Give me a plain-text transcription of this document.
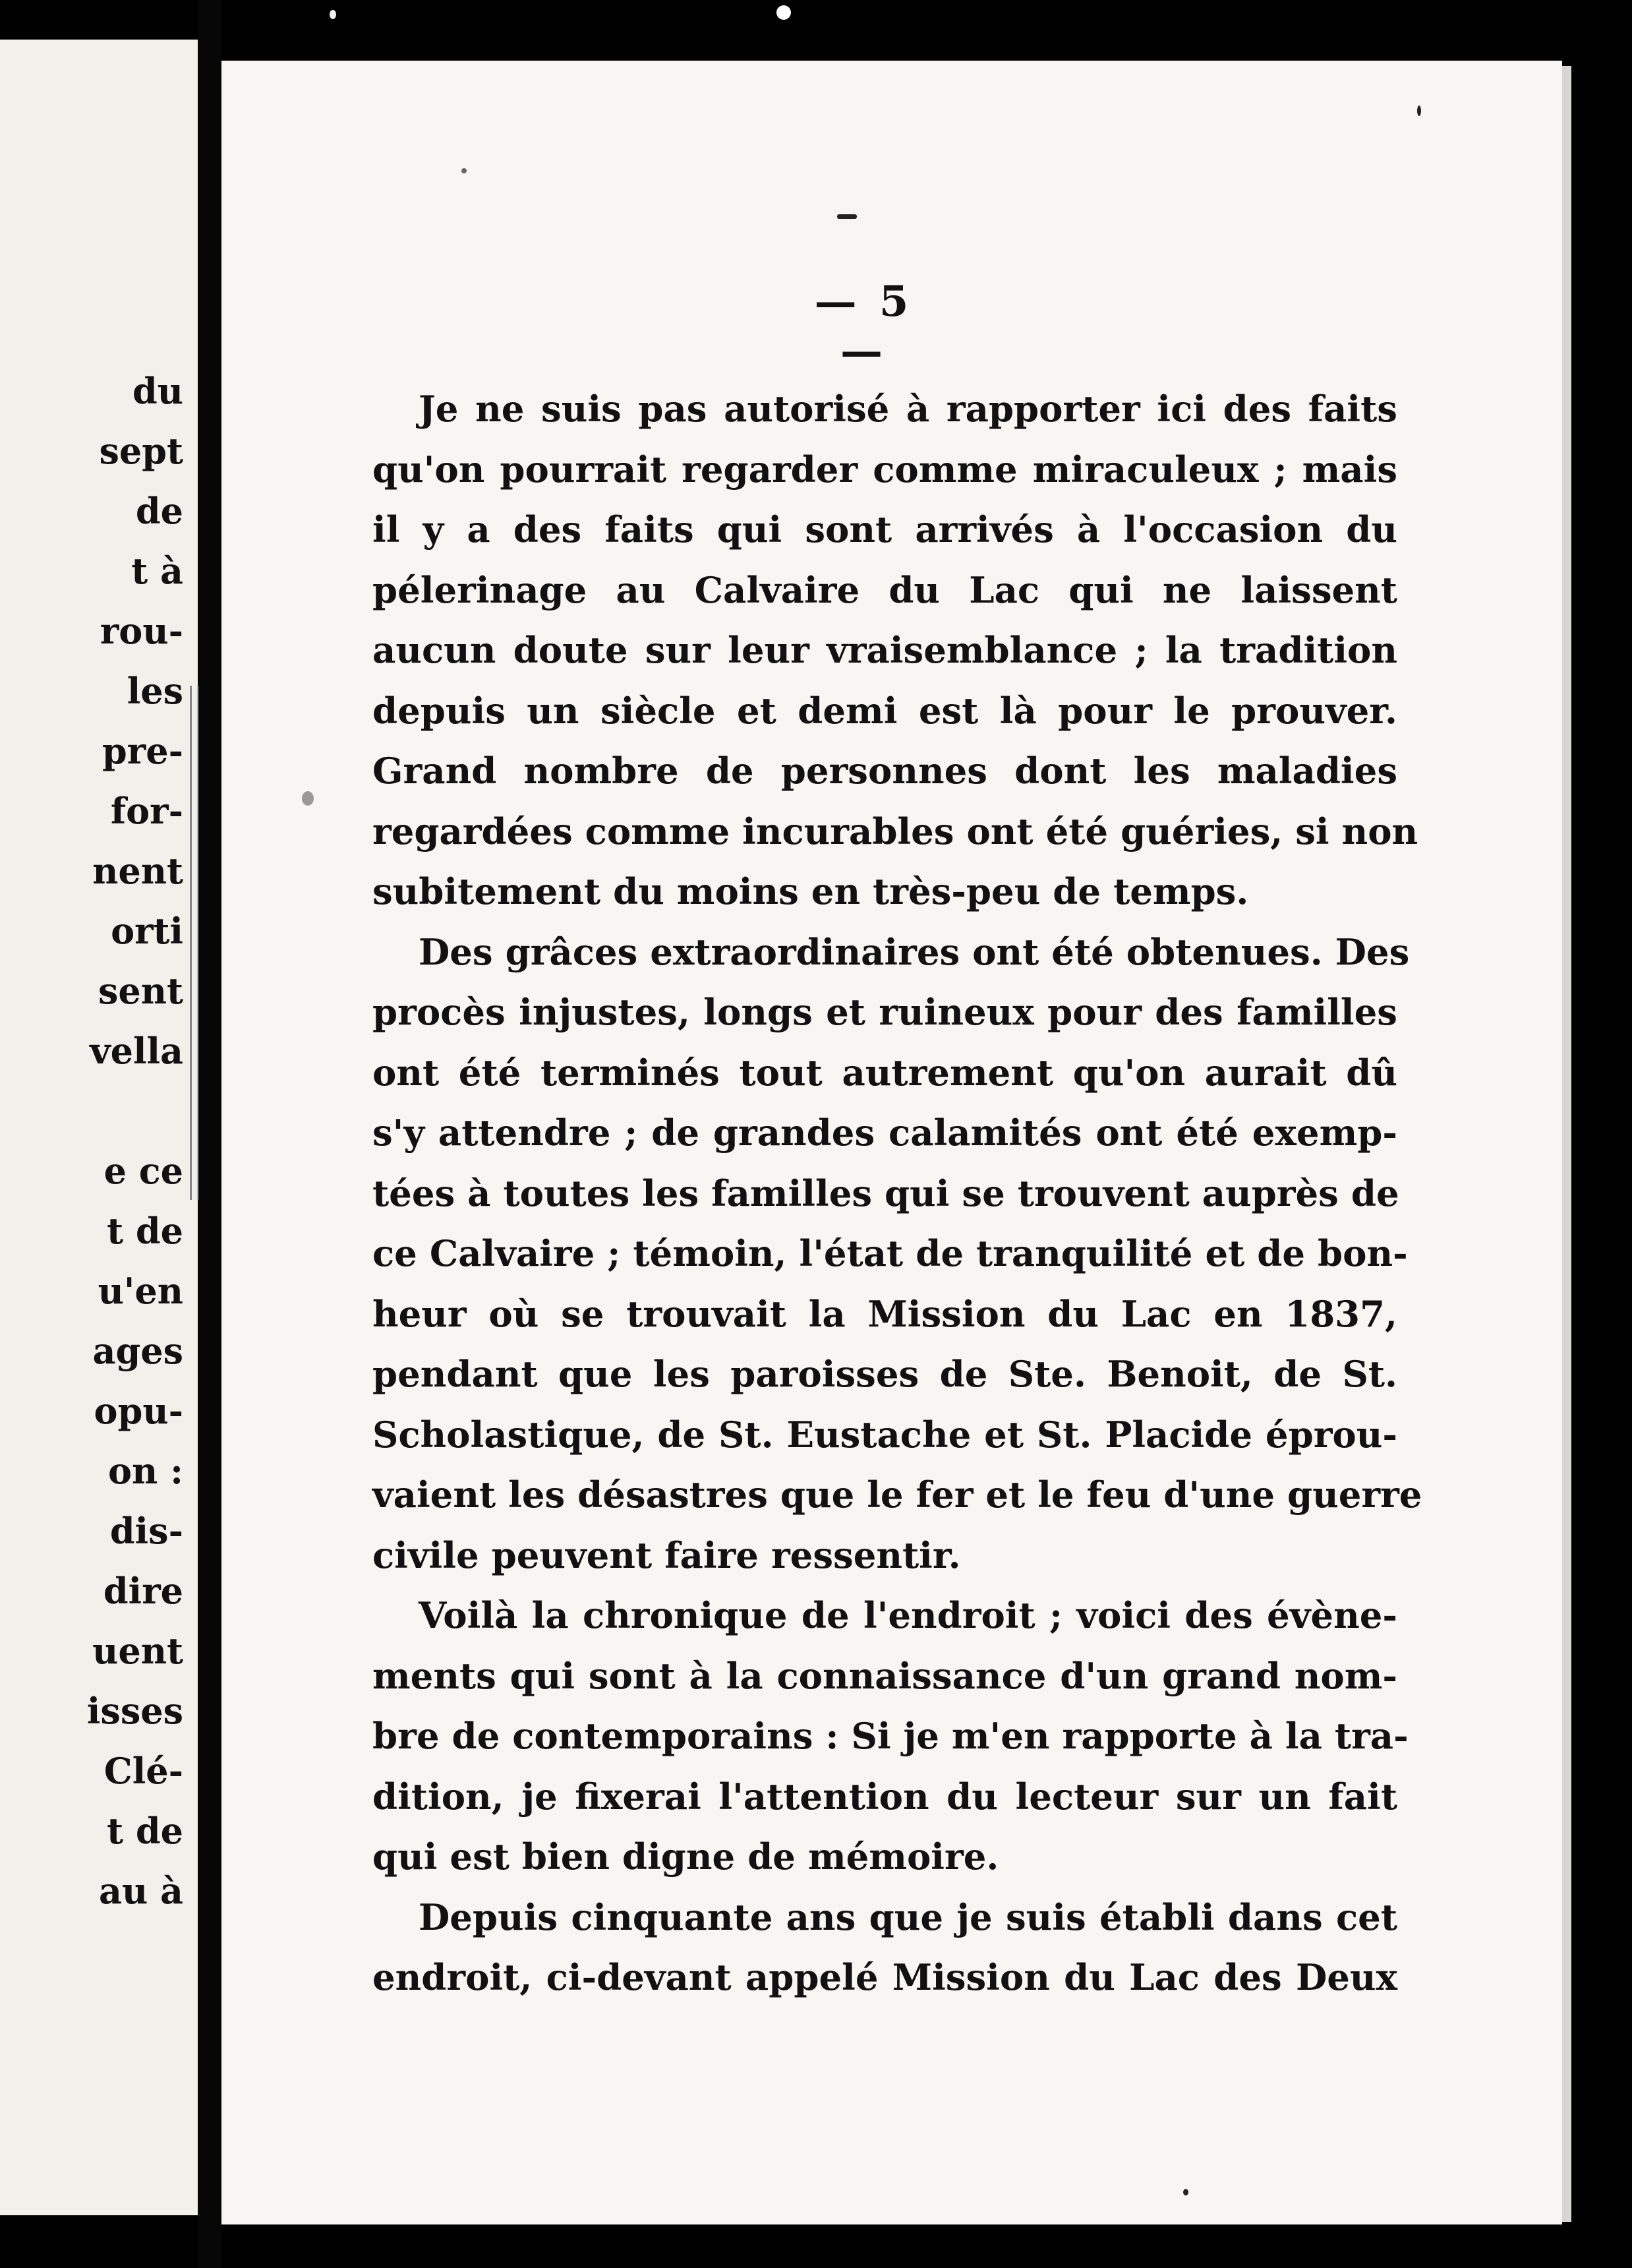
du
sept
de
t à
rou-
les
pre-
for-
nent
orti
sent
vella
e ce
t de
u'en
ages
opu-
on :
dis-
dire
uent
isses
Clé-
t de
au à
— 5 —
Je ne suis pas autorisé à rapporter ici des faits
qu'on pourrait regarder comme miraculeux ; mais
il y a des faits qui sont arrivés à l'occasion du
pélerinage au Calvaire du Lac qui ne laissent
aucun doute sur leur vraisemblance ; la tradition
depuis un siècle et demi est là pour le prouver.
Grand nombre de personnes dont les maladies
regardées comme incurables ont été guéries, si non
subitement du moins en très-peu de temps.
Des grâces extraordinaires ont été obtenues. Des
procès injustes, longs et ruineux pour des familles
ont été terminés tout autrement qu'on aurait dû
s'y attendre ; de grandes calamités ont été exemp-
tées à toutes les familles qui se trouvent auprès de
ce Calvaire ; témoin, l'état de tranquilité et de bon-
heur où se trouvait la Mission du Lac en 1837,
pendant que les paroisses de Ste. Benoit, de St.
Scholastique, de St. Eustache et St. Placide éprou-
vaient les désastres que le fer et le feu d'une guerre
civile peuvent faire ressentir.
Voilà la chronique de l'endroit ; voici des évène-
ments qui sont à la connaissance d'un grand nom-
bre de contemporains : Si je m'en rapporte à la tra-
dition, je fixerai l'attention du lecteur sur un fait
qui est bien digne de mémoire.
Depuis cinquante ans que je suis établi dans cet
endroit, ci-devant appelé Mission du Lac des Deux
